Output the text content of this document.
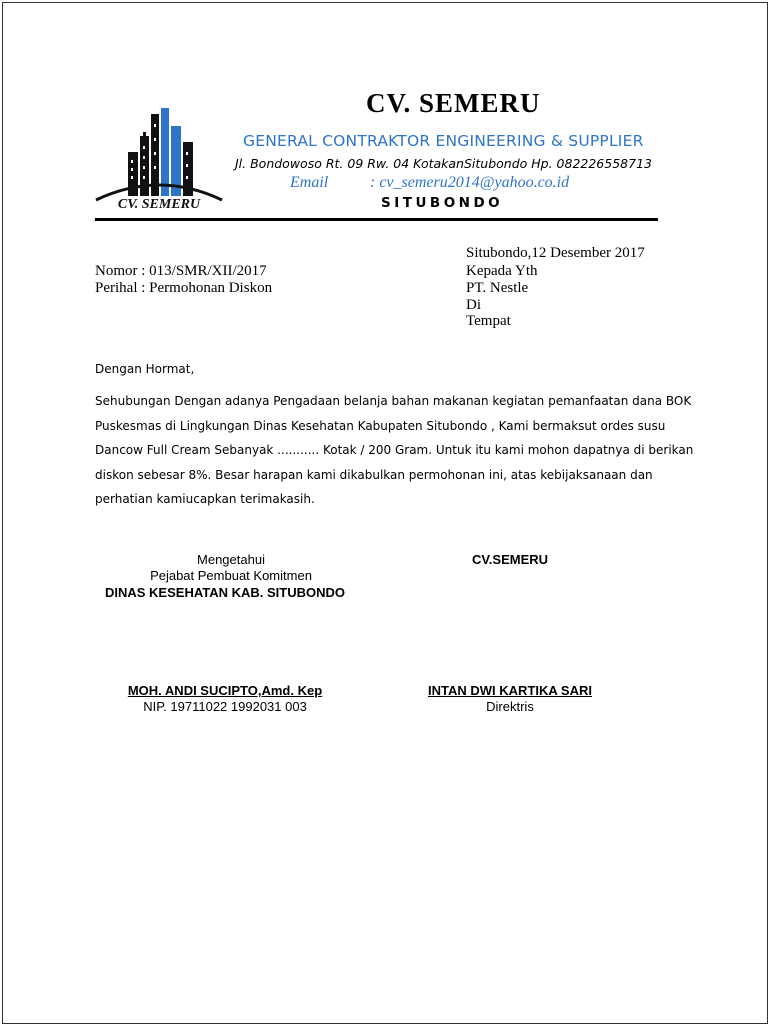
CV. SEMERU
CV. SEMERU
GENERAL CONTRAKTOR ENGINEERING & SUPPLIER
Jl. Bondowoso Rt. 09 Rw. 04 KotakanSitubondo Hp. 082226558713
Email	: cv_semeru2014@yahoo.co.id
SITUBONDO
Nomor : 013/SMR/XII/2017
Perihal : Permohonan Diskon
Situbondo,12 Desember 2017
Kepada Yth
PT. Nestle
Di
Tempat
Dengan Hormat,
Sehubungan Dengan adanya Pengadaan belanja bahan makanan kegiatan pemanfaatan dana BOK
Puskesmas di Lingkungan Dinas Kesehatan Kabupaten Situbondo , Kami bermaksut ordes susu
Dancow Full Cream Sebanyak ........... Kotak / 200 Gram. Untuk itu kami mohon dapatnya di berikan
diskon sebesar 8%. Besar harapan kami dikabulkan permohonan ini, atas kebijaksanaan dan
perhatian kamiucapkan terimakasih.
Mengetahui
Pejabat Pembuat Komitmen
DINAS KESEHATAN KAB. SITUBONDO
MOH. ANDI SUCIPTO,Amd. Kep
NIP. 19711022 1992031 003
CV.SEMERU
INTAN DWI KARTIKA SARI
Direktris
